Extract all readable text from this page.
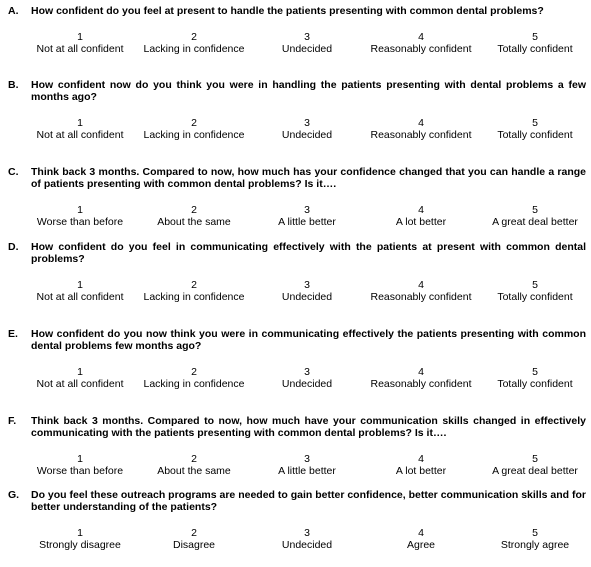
A. How confident do you feel at present to handle the patients presenting with common dental problems?
1
Not at all confident
2
Lacking in confidence
3
Undecided
4
Reasonably confident
5
Totally confident
B. How confident now do you think you were in handling the patients presenting with dental problems a few months ago?
1
Not at all confident
2
Lacking in confidence
3
Undecided
4
Reasonably confident
5
Totally confident
C. Think back 3 months. Compared to now, how much has your confidence changed that you can handle a range of patients presenting with common dental problems? Is it….
1
Worse than before
2
About the same
3
A little better
4
A lot better
5
A great deal better
D. How confident do you feel in communicating effectively with the patients at present with common dental problems?
1
Not at all confident
2
Lacking in confidence
3
Undecided
4
Reasonably confident
5
Totally confident
E. How confident do you now think you were in communicating effectively the patients presenting with common dental problems few months ago?
1
Not at all confident
2
Lacking in confidence
3
Undecided
4
Reasonably confident
5
Totally confident
F. Think back 3 months. Compared to now, how much have your communication skills changed in effectively communicating with the patients presenting with common dental problems? Is it….
1
Worse than before
2
About the same
3
A little better
4
A lot better
5
A great deal better
G. Do you feel these outreach programs are needed to gain better confidence, better communication skills and for better understanding of the patients?
1
Strongly disagree
2
Disagree
3
Undecided
4
Agree
5
Strongly agree
